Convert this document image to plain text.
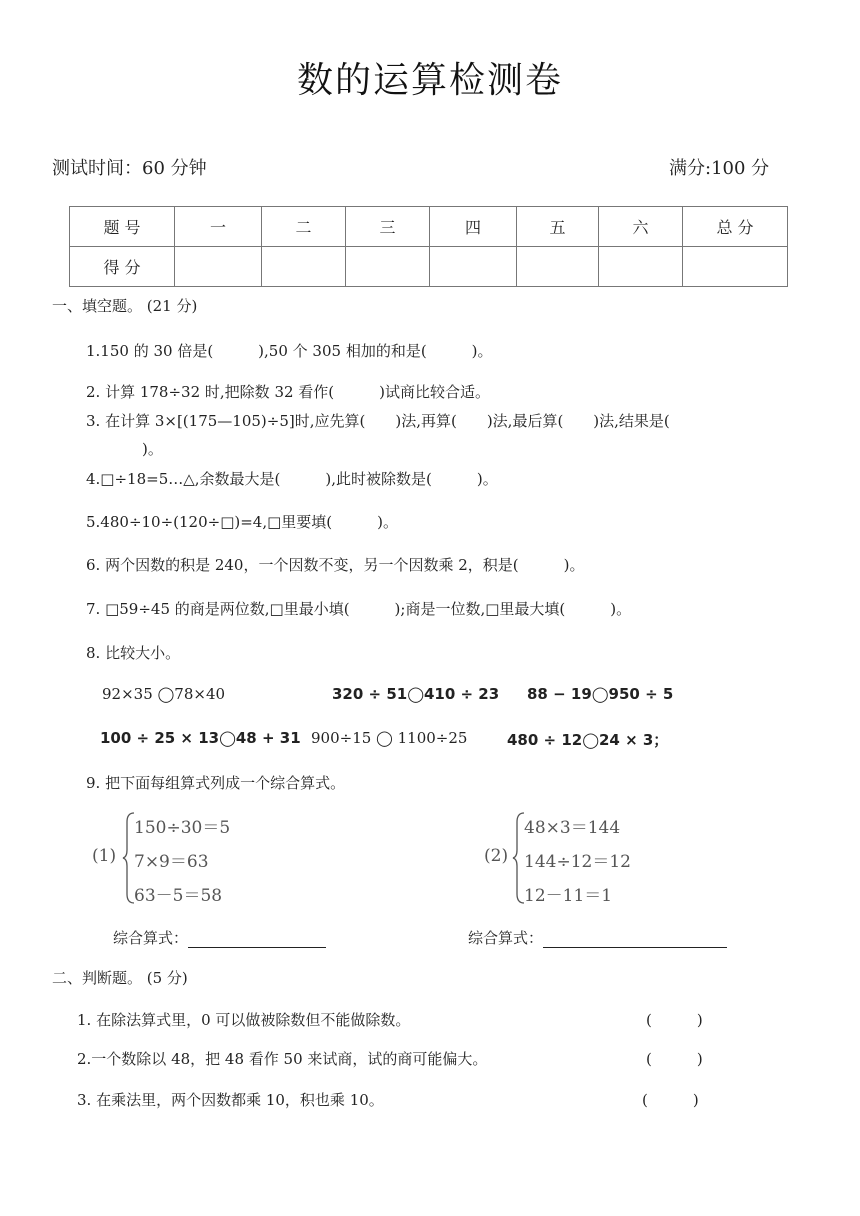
数的运算检测卷
测试时间：60 分钟	满分:100 分
题 号	一	二	三	四	五	六	总 分
得 分							
一、填空题。 (21 分)
1.150 的 30 倍是(　　　),50 个 305 相加的和是(　　　)。
2. 计算 178÷32 时,把除数 32 看作(　　　)试商比较合适。
3. 在计算 3×[(175—105)÷5]时,应先算(　　)法,再算(　　)法,最后算(　　)法,结果是(
)。
4.□÷18=5…△,余数最大是(　　　),此时被除数是(　　　)。
5.480÷10÷(120÷□)=4,□里要填(　　　)。
6. 两个因数的积是 240，一个因数不变，另一个因数乘 2，积是(　　　)。
7. □59÷45 的商是两位数,□里最小填(　　　);商是一位数,□里最大填(　　　)。
8. 比较大小。
92×35 ◯78×40	320 ÷ 51◯410 ÷ 23 88 − 19◯950 ÷ 5
100 ÷ 25 × 13◯48 + 31 900÷15 ◯ 1100÷25	480 ÷ 12◯24 × 3；
9. 把下面每组算式列成一个综合算式。
(1)
150÷30＝5
7×9＝63
63－5＝58
(2)
48×3＝144
144÷12＝12
12－11＝1
综合算式：	综合算式：
二、判断题。 (5 分)
1. 在除法算式里，0 可以做被除数但不能做除数。	(　　　)
2.一个数除以 48，把 48 看作 50 来试商，试的商可能偏大。	(　　　)
3. 在乘法里，两个因数都乘 10，积也乘 10。	(　　　)
